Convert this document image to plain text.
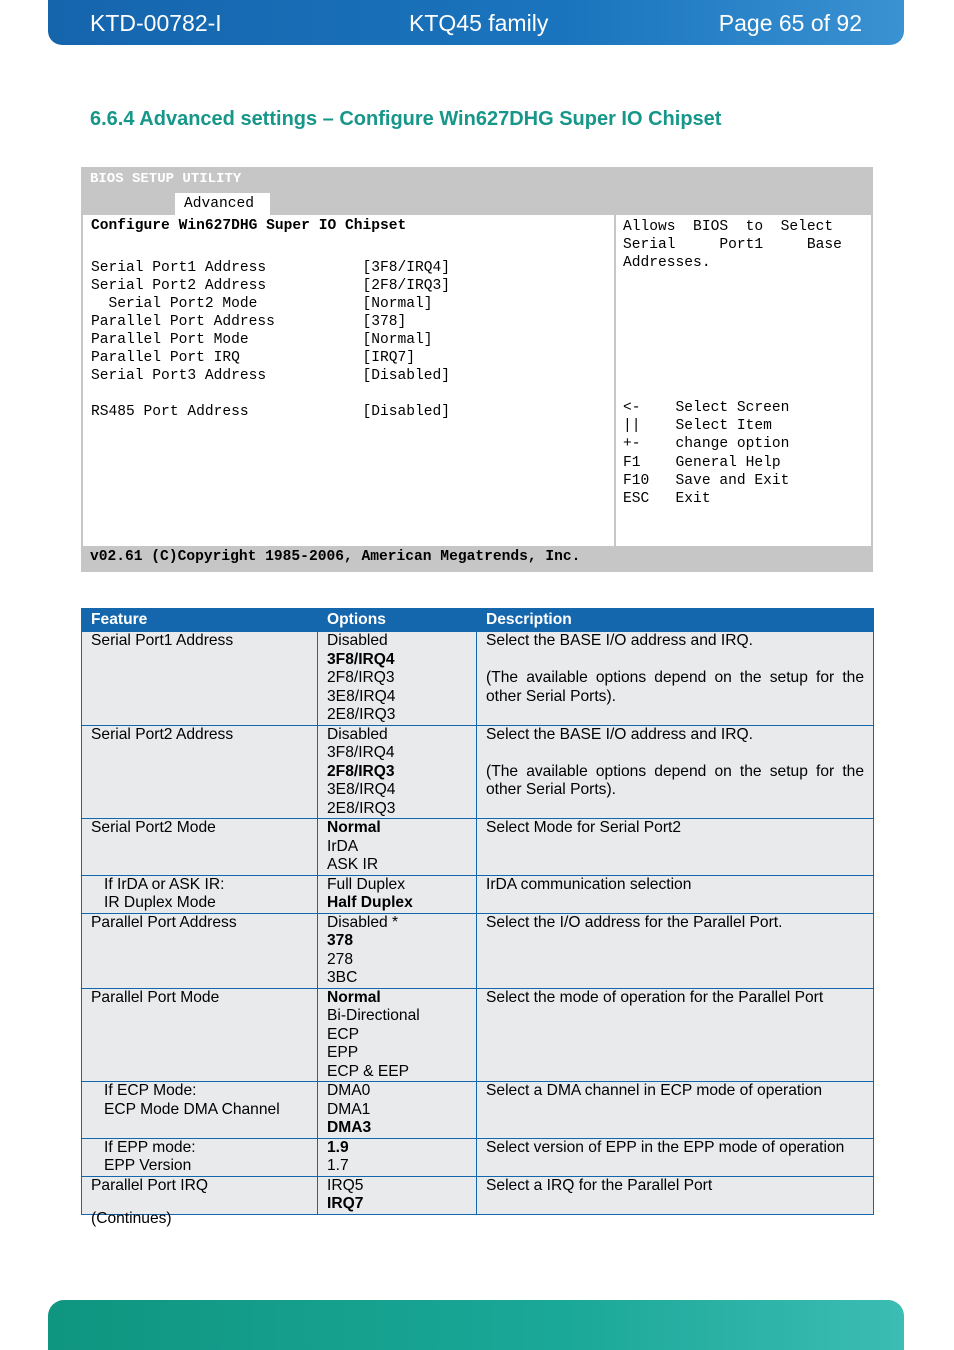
KTD-00782-I	KTQ45 family	Page 65 of 92
6.6.4 Advanced settings – Configure Win627DHG Super IO Chipset
BIOS SETUP UTILITY
Advanced
Configure Win627DHG Super IO Chipset
Serial Port1 Address           [3F8/IRQ4]
Serial Port2 Address           [2F8/IRQ3]
Serial Port2 Mode            [Normal]
Parallel Port Address          [378]
Parallel Port Mode             [Normal]
Parallel Port IRQ              [IRQ7]
Serial Port3 Address           [Disabled]
RS485 Port Address             [Disabled]
Allows  BIOS  to  Select
Serial     Port1     Base
Addresses.
<-    Select Screen
||    Select Item
+-    change option
F1    General Help
F10   Save and Exit
ESC   Exit
v02.61 (C)Copyright 1985-2006, American Megatrends, Inc.
Feature	Options	Description

Serial Port1 Address	Disabled
3F8/IRQ4
2F8/IRQ3
3E8/IRQ4
2E8/IRQ3	Select the BASE I/O address and IRQ.
(The available options depend on the setup for the other Serial Ports).

Serial Port2 Address	Disabled
3F8/IRQ4
2F8/IRQ3
3E8/IRQ4
2E8/IRQ3	Select the BASE I/O address and IRQ.
(The available options depend on the setup for the other Serial Ports).

Serial Port2 Mode	Normal
IrDA
ASK IR	Select Mode for Serial Port2

If IrDA or ASK IR:
IR Duplex Mode	Full Duplex
Half Duplex	IrDA communication selection

Parallel Port Address	Disabled *
378
278
3BC	Select the I/O address for the Parallel Port.

Parallel Port Mode	Normal
Bi-Directional
ECP
EPP
ECP & EEP	Select the mode of operation for the Parallel Port

If ECP Mode:
ECP Mode DMA Channel	DMA0
DMA1
DMA3	Select a DMA channel in ECP mode of operation

If EPP mode:
EPP Version	1.9
1.7	Select version of EPP in the EPP mode of operation

Parallel Port IRQ	IRQ5
IRQ7	Select a IRQ for the Parallel Port
(Continues)
